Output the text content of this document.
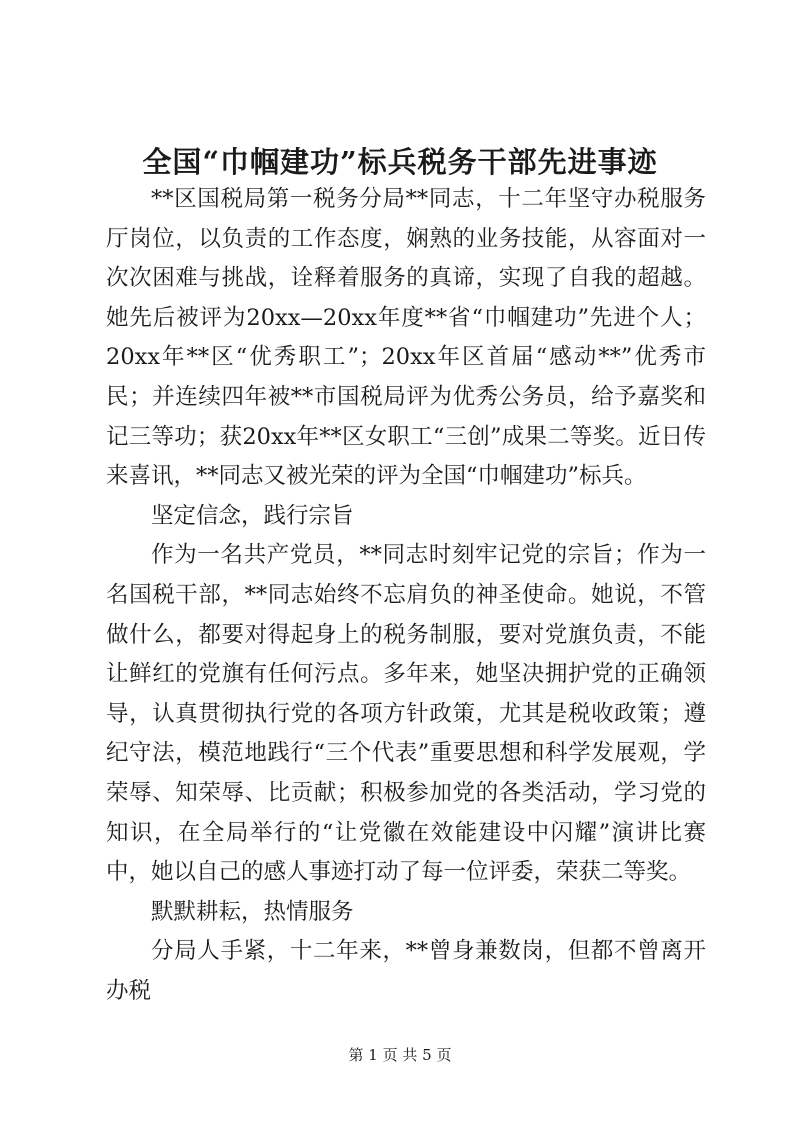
全国“巾帼建功”标兵税务干部先进事迹

**区国税局第一税务分局**同志，十二年坚守办税服务厅岗位，以负责的工作态度，娴熟的业务技能，从容面对一次次困难与挑战，诠释着服务的真谛，实现了自我的超越。她先后被评为20xx—20xx年度**省“巾帼建功”先进个人；20xx年**区“优秀职工”；20xx年区首届“感动**”优秀市民；并连续四年被**市国税局评为优秀公务员，给予嘉奖和记三等功；获20xx年**区女职工“三创”成果二等奖。近日传来喜讯，**同志又被光荣的评为全国“巾帼建功”标兵。

坚定信念，践行宗旨

作为一名共产党员，**同志时刻牢记党的宗旨；作为一名国税干部，**同志始终不忘肩负的神圣使命。她说，不管做什么，都要对得起身上的税务制服，要对党旗负责，不能让鲜红的党旗有任何污点。多年来，她坚决拥护党的正确领导，认真贯彻执行党的各项方针政策，尤其是税收政策；遵纪守法，模范地践行“三个代表”重要思想和科学发展观，学荣辱、知荣辱、比贡献；积极参加党的各类活动，学习党的知识，在全局举行的“让党徽在效能建设中闪耀”演讲比赛中，她以自己的感人事迹打动了每一位评委，荣获二等奖。

默默耕耘，热情服务

分局人手紧，十二年来，**曾身兼数岗，但都不曾离开办税

第 1 页 共 5 页
